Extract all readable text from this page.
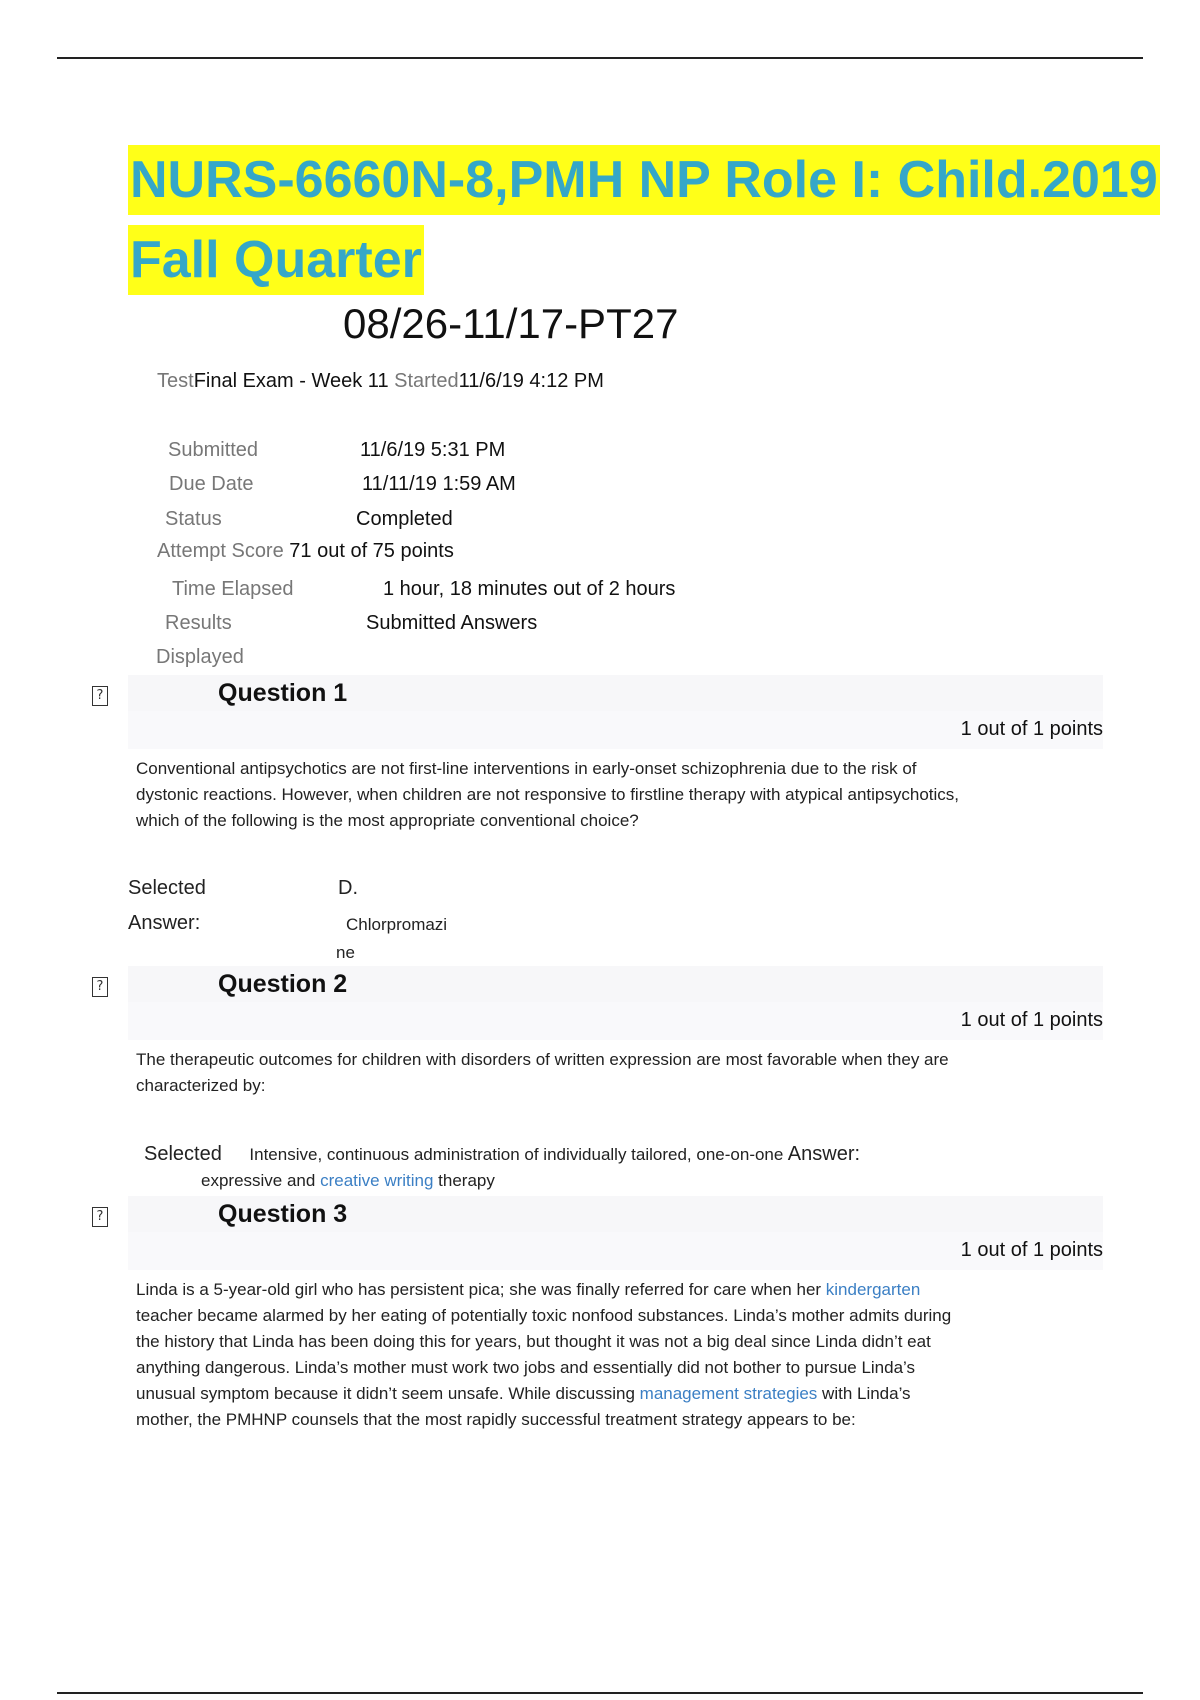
NURS-6660N-8,PMH NP Role I: Child.2019
Fall Quarter
08/26-11/17-PT27
TestFinal Exam - Week 11 Started11/6/19 4:12 PM
Submitted	11/6/19 5:31 PM
Due Date	11/11/19 1:59 AM
Status	Completed
Attempt Score 71 out of 75 points
Time Elapsed	1 hour, 18 minutes out of 2 hours
Results	Submitted Answers
Displayed
?	Question 1
1 out of 1 points
Conventional antipsychotics are not first-line interventions in early-onset schizophrenia due to the risk of
dystonic reactions. However, when children are not responsive to firstline therapy with atypical antipsychotics,
which of the following is the most appropriate conventional choice?
Selected
Answer:
D.
Chlorpromazi
ne
?	Question 2
1 out of 1 points
The therapeutic outcomes for children with disorders of written expression are most favorable when they are
characterized by:
Selected Intensive, continuous administration of individually tailored, one-on-one Answer:
expressive and creative writing therapy
?	Question 3
1 out of 1 points
Linda is a 5-year-old girl who has persistent pica; she was finally referred for care when her kindergarten
teacher became alarmed by her eating of potentially toxic nonfood substances. Linda’s mother admits during
the history that Linda has been doing this for years, but thought it was not a big deal since Linda didn’t eat
anything dangerous. Linda’s mother must work two jobs and essentially did not bother to pursue Linda’s
unusual symptom because it didn’t seem unsafe. While discussing management strategies with Linda’s
mother, the PMHNP counsels that the most rapidly successful treatment strategy appears to be:
